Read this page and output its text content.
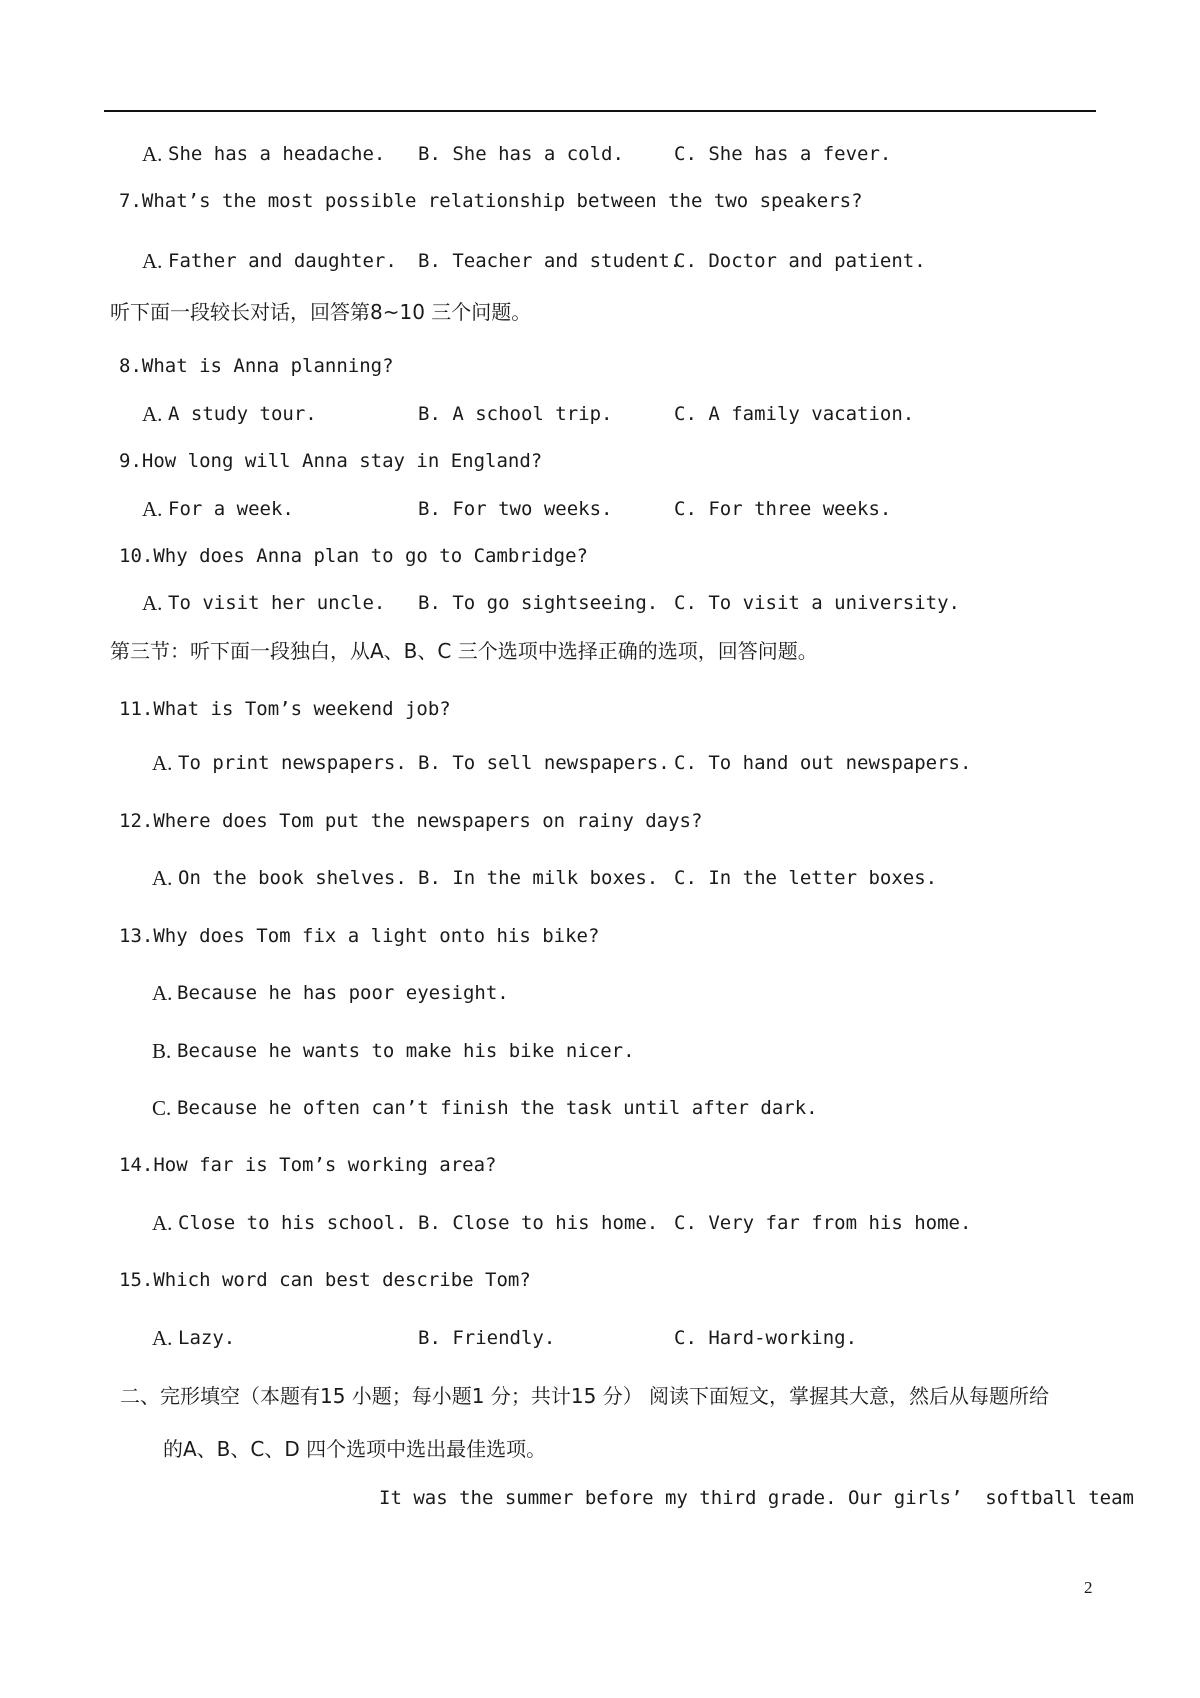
A. She has a headache. B. She has a cold.	C. She has a fever.
7.What’s the most possible relationship between the two speakers?
A. Father and daughter. B. Teacher and student.
C. Doctor and patient.
听下面一段较长对话，回答第8~10 三个问题。
8.What is Anna planning?
A. A study tour.	B. A school trip.	C. A family vacation.
9.How long will Anna stay in England?
A. For a week.	B. For two weeks.	C. For three weeks.
10.Why does Anna plan to go to Cambridge?
A. To visit her uncle. B. To go sightseeing. C. To visit a university.
第三节：听下面一段独白，从A、B、C 三个选项中选择正确的选项，回答问题。
11.What is Tom’s weekend job?
A. To print newspapers. B. To sell newspapers. C. To hand out newspapers.
12.Where does Tom put the newspapers on rainy days?
A. On the book shelves. B. In the milk boxes. C. In the letter boxes.
13.Why does Tom fix a light onto his bike?
A. Because he has poor eyesight.
B. Because he wants to make his bike nicer.
C. Because he often can’t finish the task until after dark.
14.How far is Tom’s working area?
A. Close to his school. B. Close to his home. C. Very far from his home.
15.Which word can best describe Tom?
A. Lazy.	B. Friendly.	C. Hard-working.
二、完形填空（本题有15 小题；每小题1 分；共计15 分） 阅读下面短文，掌握其大意，然后从每题所给
的A、B、C、D 四个选项中选出最佳选项。
It was the summer before my third grade. Our girls’  softball team
2
